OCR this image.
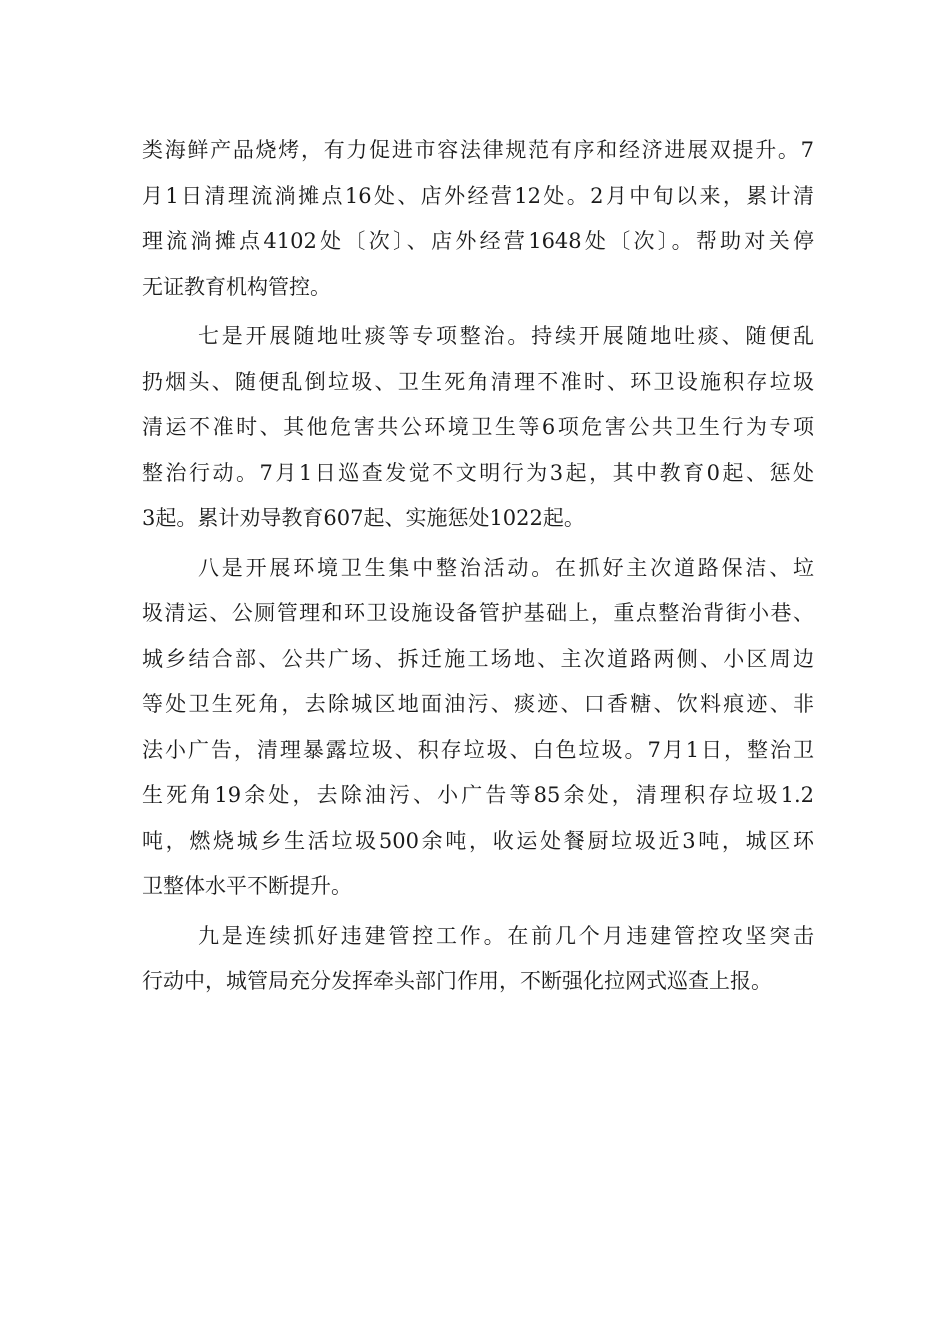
类海鲜产品烧烤，有力促进市容法律规范有序和经济进展双提升。7
月1日清理流淌摊点16处、店外经营12处。2月中旬以来，累计清
理流淌摊点4102处〔次〕、店外经营1648处〔次〕。帮助对关停
无证教育机构管控。

七是开展随地吐痰等专项整治。持续开展随地吐痰、随便乱
扔烟头、随便乱倒垃圾、卫生死角清理不准时、环卫设施积存垃圾
清运不准时、其他危害共公环境卫生等6项危害公共卫生行为专项
整治行动。7月1日巡查发觉不文明行为3起，其中教育0起、惩处
3起。累计劝导教育607起、实施惩处1022起。

八是开展环境卫生集中整治活动。在抓好主次道路保洁、垃
圾清运、公厕管理和环卫设施设备管护基础上，重点整治背街小巷、
城乡结合部、公共广场、拆迁施工场地、主次道路两侧、小区周边
等处卫生死角，去除城区地面油污、痰迹、口香糖、饮料痕迹、非
法小广告，清理暴露垃圾、积存垃圾、白色垃圾。7月1日，整治卫
生死角19余处，去除油污、小广告等85余处，清理积存垃圾1.2
吨，燃烧城乡生活垃圾500余吨，收运处餐厨垃圾近3吨，城区环
卫整体水平不断提升。

九是连续抓好违建管控工作。在前几个月违建管控攻坚突击
行动中，城管局充分发挥牵头部门作用，不断强化拉网式巡查上报。
